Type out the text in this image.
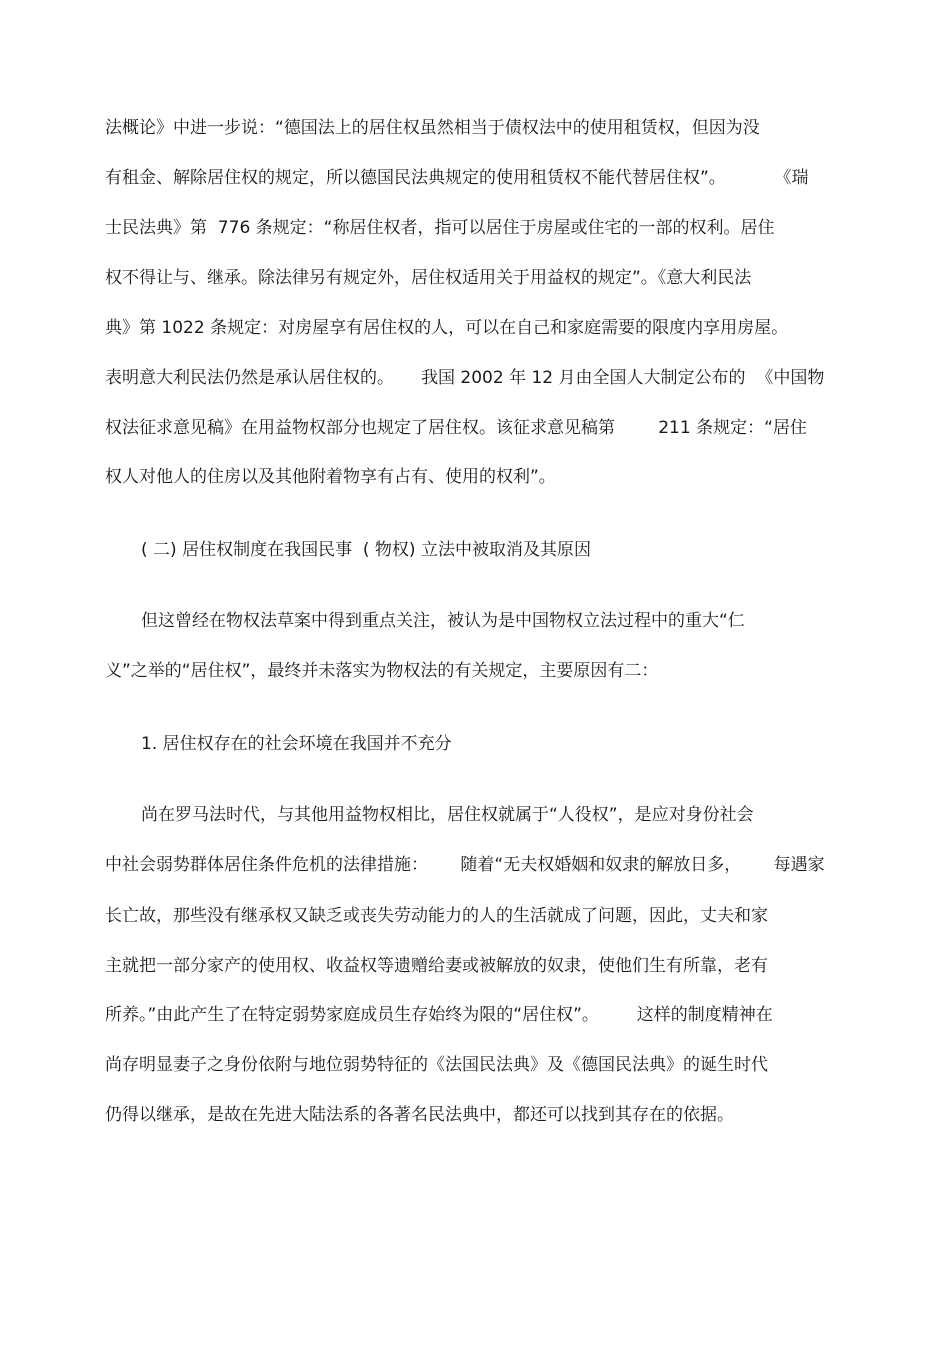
法概论》中进一步说：“德国法上的居住权虽然相当于债权法中的使用租赁权，但因为没
有租金、解除居住权的规定，所以德国民法典规定的使用租赁权不能代替居住权”。         《瑞
士民法典》第  776 条规定：“称居住权者，指可以居住于房屋或住宅的一部的权利。居住
权不得让与、继承。除法律另有规定外，居住权适用关于用益权的规定”。《意大利民法
典》第 1022 条规定：对房屋享有居住权的人，可以在自己和家庭需要的限度内享用房屋。
表明意大利民法仍然是承认居住权的。     我国 2002 年 12 月由全国人大制定公布的  《中国物
权法征求意见稿》在用益物权部分也规定了居住权。该征求意见稿第        211 条规定：“居住
权人对他人的住房以及其他附着物享有占有、使用的权利”。
( 二) 居住权制度在我国民事  ( 物权) 立法中被取消及其原因
但这曾经在物权法草案中得到重点关注，被认为是中国物权立法过程中的重大“仁
义”之举的“居住权”，最终并未落实为物权法的有关规定，主要原因有二：
1. 居住权存在的社会环境在我国并不充分
尚在罗马法时代，与其他用益物权相比，居住权就属于“人役权”，是应对身份社会
中社会弱势群体居住条件危机的法律措施：      随着“无夫权婚姻和奴隶的解放日多，      每遇家
长亡故，那些没有继承权又缺乏或丧失劳动能力的人的生活就成了问题，因此，丈夫和家
主就把一部分家产的使用权、收益权等遗赠给妻或被解放的奴隶，使他们生有所靠，老有
所养。”由此产生了在特定弱势家庭成员生存始终为限的“居住权”。       这样的制度精神在
尚存明显妻子之身份依附与地位弱势特征的《法国民法典》及《德国民法典》的诞生时代
仍得以继承，是故在先进大陆法系的各著名民法典中，都还可以找到其存在的依据。
